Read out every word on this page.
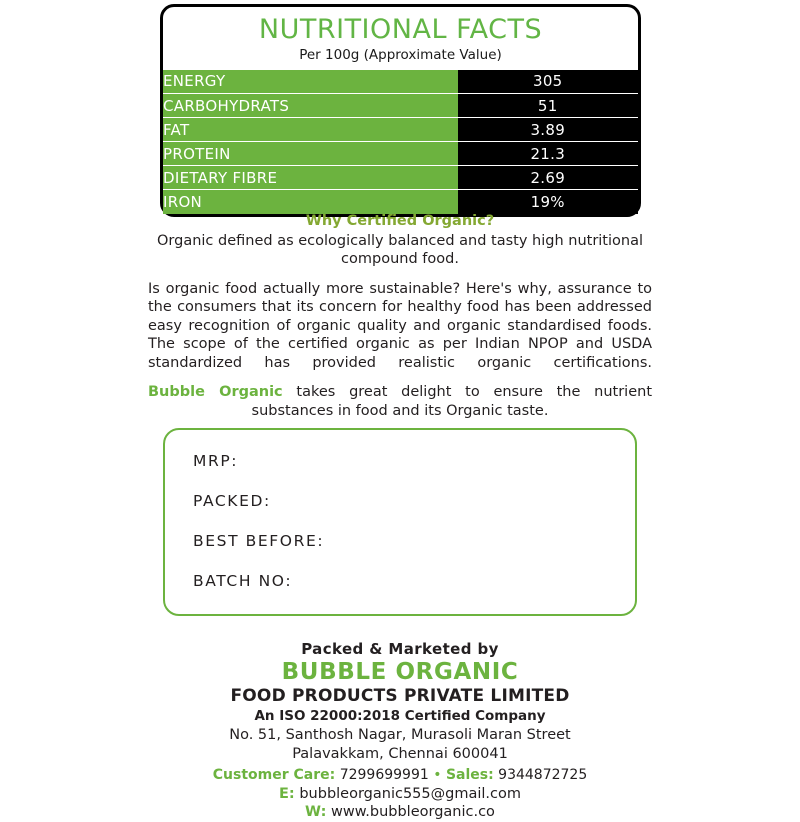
NUTRITIONAL FACTS
Per 100g (Approximate Value)
ENERGY	305
CARBOHYDRATS	51
FAT	3.89
PROTEIN	21.3
DIETARY FIBRE	2.69
IRON	19%
Why Certified Organic?
Organic defined as ecologically balanced and tasty high nutritional compound food.
Is organic food actually more sustainable? Here's why, assurance to the consumers that its concern for healthy food has been addressed easy recognition of organic quality and organic standardised foods. The scope of the certified organic as per Indian NPOP and USDA standardized has provided realistic organic certifications.
Bubble Organic takes great delight to ensure the nutrient
substances in food and its Organic taste.
MRP:
PACKED:
BEST BEFORE:
BATCH NO:
Packed & Marketed by
BUBBLE ORGANIC
FOOD PRODUCTS PRIVATE LIMITED
An ISO 22000:2018 Certified Company
No. 51, Santhosh Nagar, Murasoli Maran Street
Palavakkam, Chennai 600041
Customer Care: 7299699991 • Sales: 9344872725
E: bubbleorganic555@gmail.com
W: www.bubbleorganic.co
